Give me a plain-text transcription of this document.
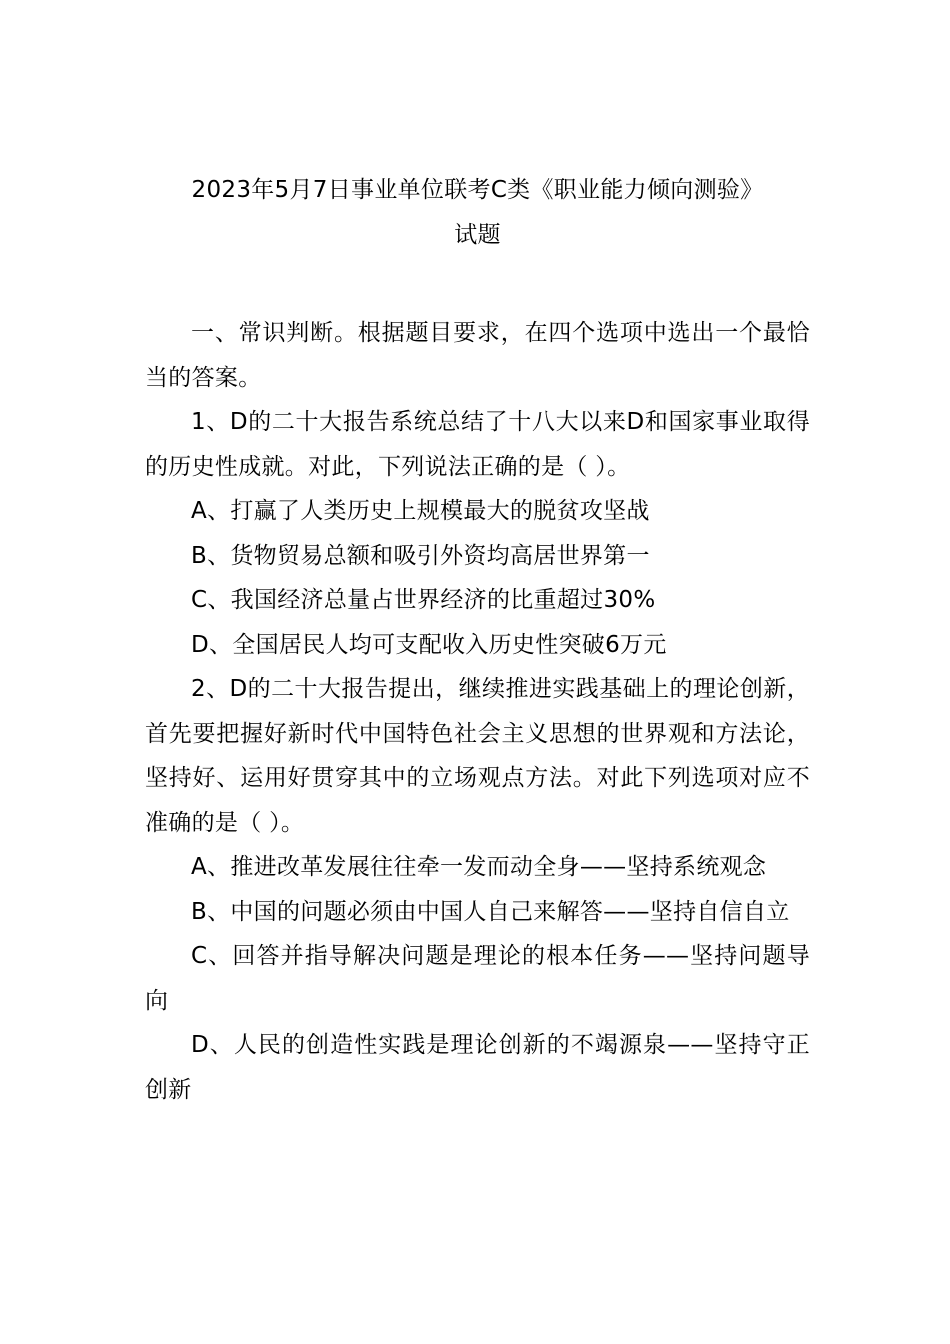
2023年5月7日事业单位联考C类《职业能力倾向测验》
试题

一、常识判断。根据题目要求，在四个选项中选出一个最恰当的答案。

1、D的二十大报告系统总结了十八大以来D和国家事业取得的历史性成就。对此，下列说法正确的是（ ）。

A、打赢了人类历史上规模最大的脱贫攻坚战

B、货物贸易总额和吸引外资均高居世界第一

C、我国经济总量占世界经济的比重超过30%

D、全国居民人均可支配收入历史性突破6万元

2、D的二十大报告提出，继续推进实践基础上的理论创新，首先要把握好新时代中国特色社会主义思想的世界观和方法论，坚持好、运用好贯穿其中的立场观点方法。对此下列选项对应不准确的是（ ）。

A、推进改革发展往往牵一发而动全身——坚持系统观念

B、中国的问题必须由中国人自己来解答——坚持自信自立

C、回答并指导解决问题是理论的根本任务——坚持问题导向

D、人民的创造性实践是理论创新的不竭源泉——坚持守正创新
